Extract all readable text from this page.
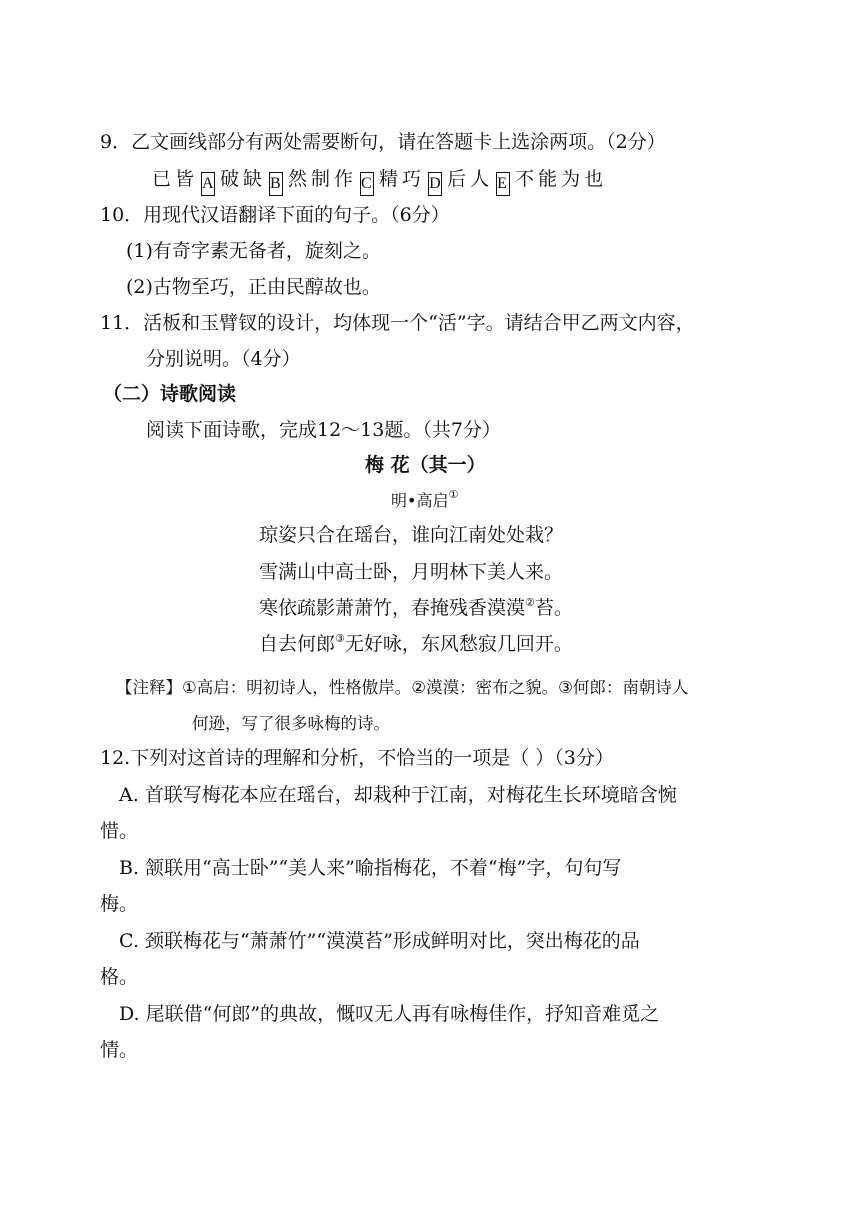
9．乙文画线部分有两处需要断句，请在答题卡上选涂两项。（2分）
已皆 A 破缺 B 然制作 C 精巧 D 后人 E 不能为也
10．用现代汉语翻译下面的句子。（6分）
(1)有奇字素无备者，旋刻之。
(2)古物至巧，正由民醇故也。
11．活板和玉臂钗的设计，均体现一个“活”字。请结合甲乙两文内容，
分别说明。（4分）
（二）诗歌阅读
阅读下面诗歌，完成12～13题。（共7分）
梅 花（其一）
明•高启①
琼姿只合在瑶台，谁向江南处处栽？
雪满山中高士卧，月明林下美人来。
寒依疏影萧萧竹，春掩残香漠漠②苔。
自去何郎③无好咏，东风愁寂几回开。
【注释】①高启：明初诗人，性格傲岸。②漠漠：密布之貌。③何郎：南朝诗人
何逊，写了很多咏梅的诗。
12.下列对这首诗的理解和分析，不恰当的一项是（ ）（3分）
A. 首联写梅花本应在瑶台，却栽种于江南，对梅花生长环境暗含惋
惜。
B. 颔联用“高士卧”“美人来”喻指梅花，不着“梅”字，句句写
梅。
C. 颈联梅花与“萧萧竹”“漠漠苔”形成鲜明对比，突出梅花的品
格。
D. 尾联借“何郎”的典故，慨叹无人再有咏梅佳作，抒知音难觅之
情。
